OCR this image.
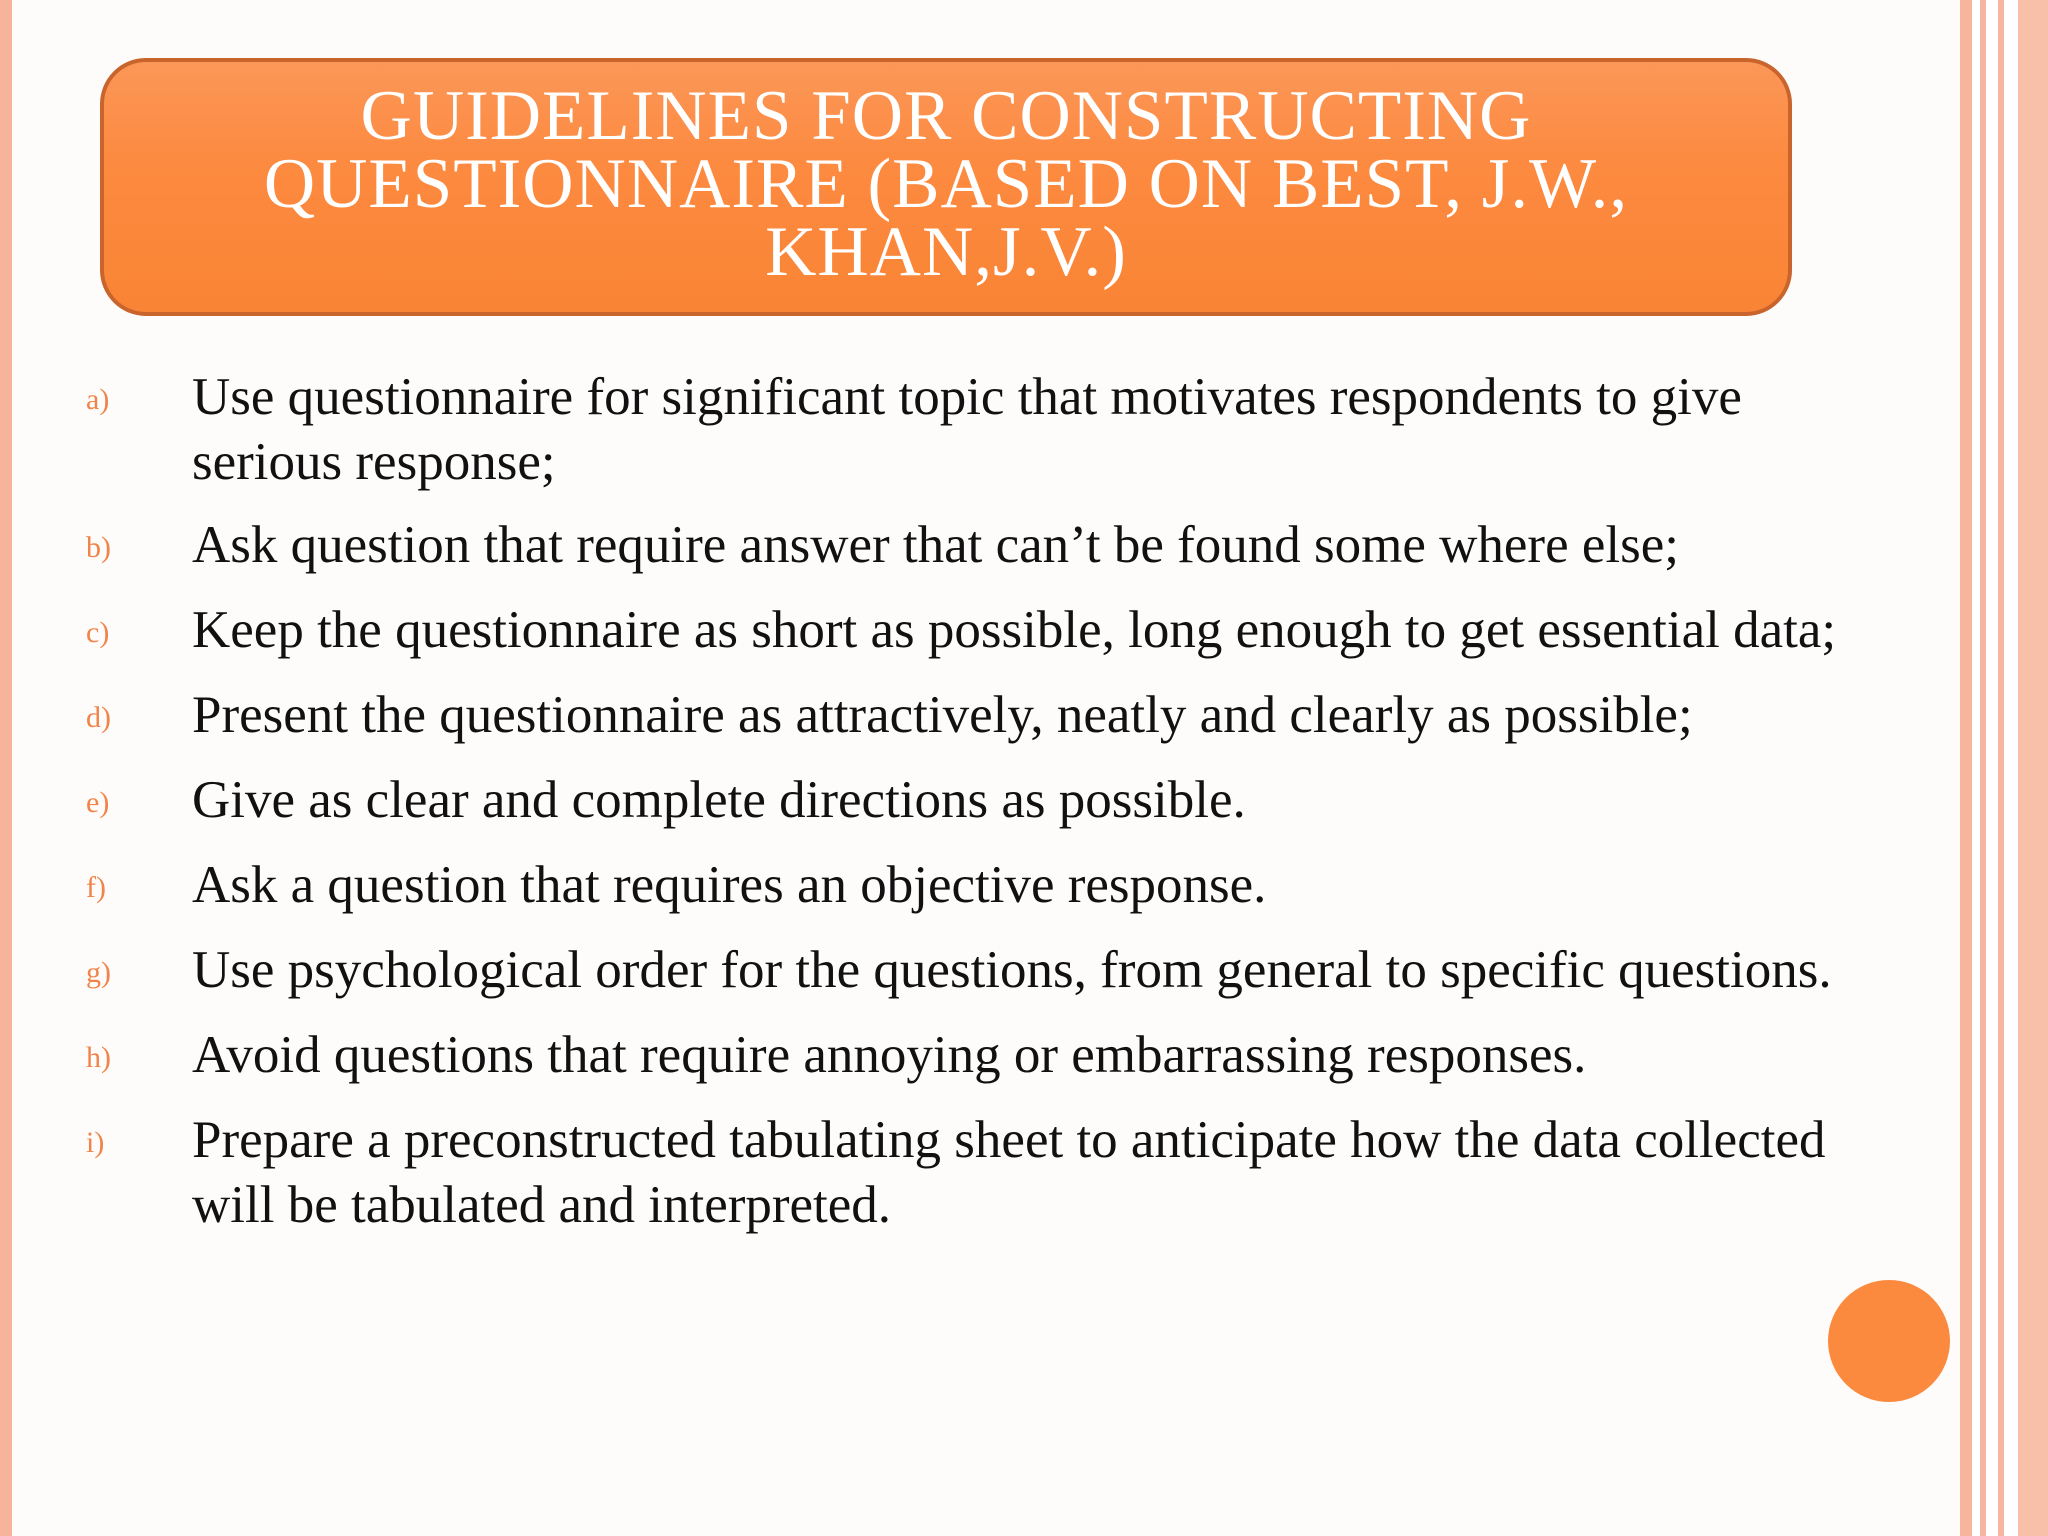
GUIDELINES FOR CONSTRUCTING
QUESTIONNAIRE (BASED ON BEST, J.W.,
KHAN,J.V.)
a)	Use questionnaire for significant topic that motivates respondents to give serious response;
b)	Ask question that require answer that can’t be found some where else;
c)	Keep the questionnaire as short as possible, long enough to get essential data;
d)	Present the questionnaire as attractively, neatly and clearly as possible;
e)	Give as clear and complete directions as possible.
f)	Ask a question that requires an objective response.
g)	Use psychological order for the questions, from general to specific questions.
h)	Avoid questions that require annoying or embarrassing responses.
i)	Prepare a preconstructed tabulating sheet to anticipate how the data collected will be tabulated and interpreted.
